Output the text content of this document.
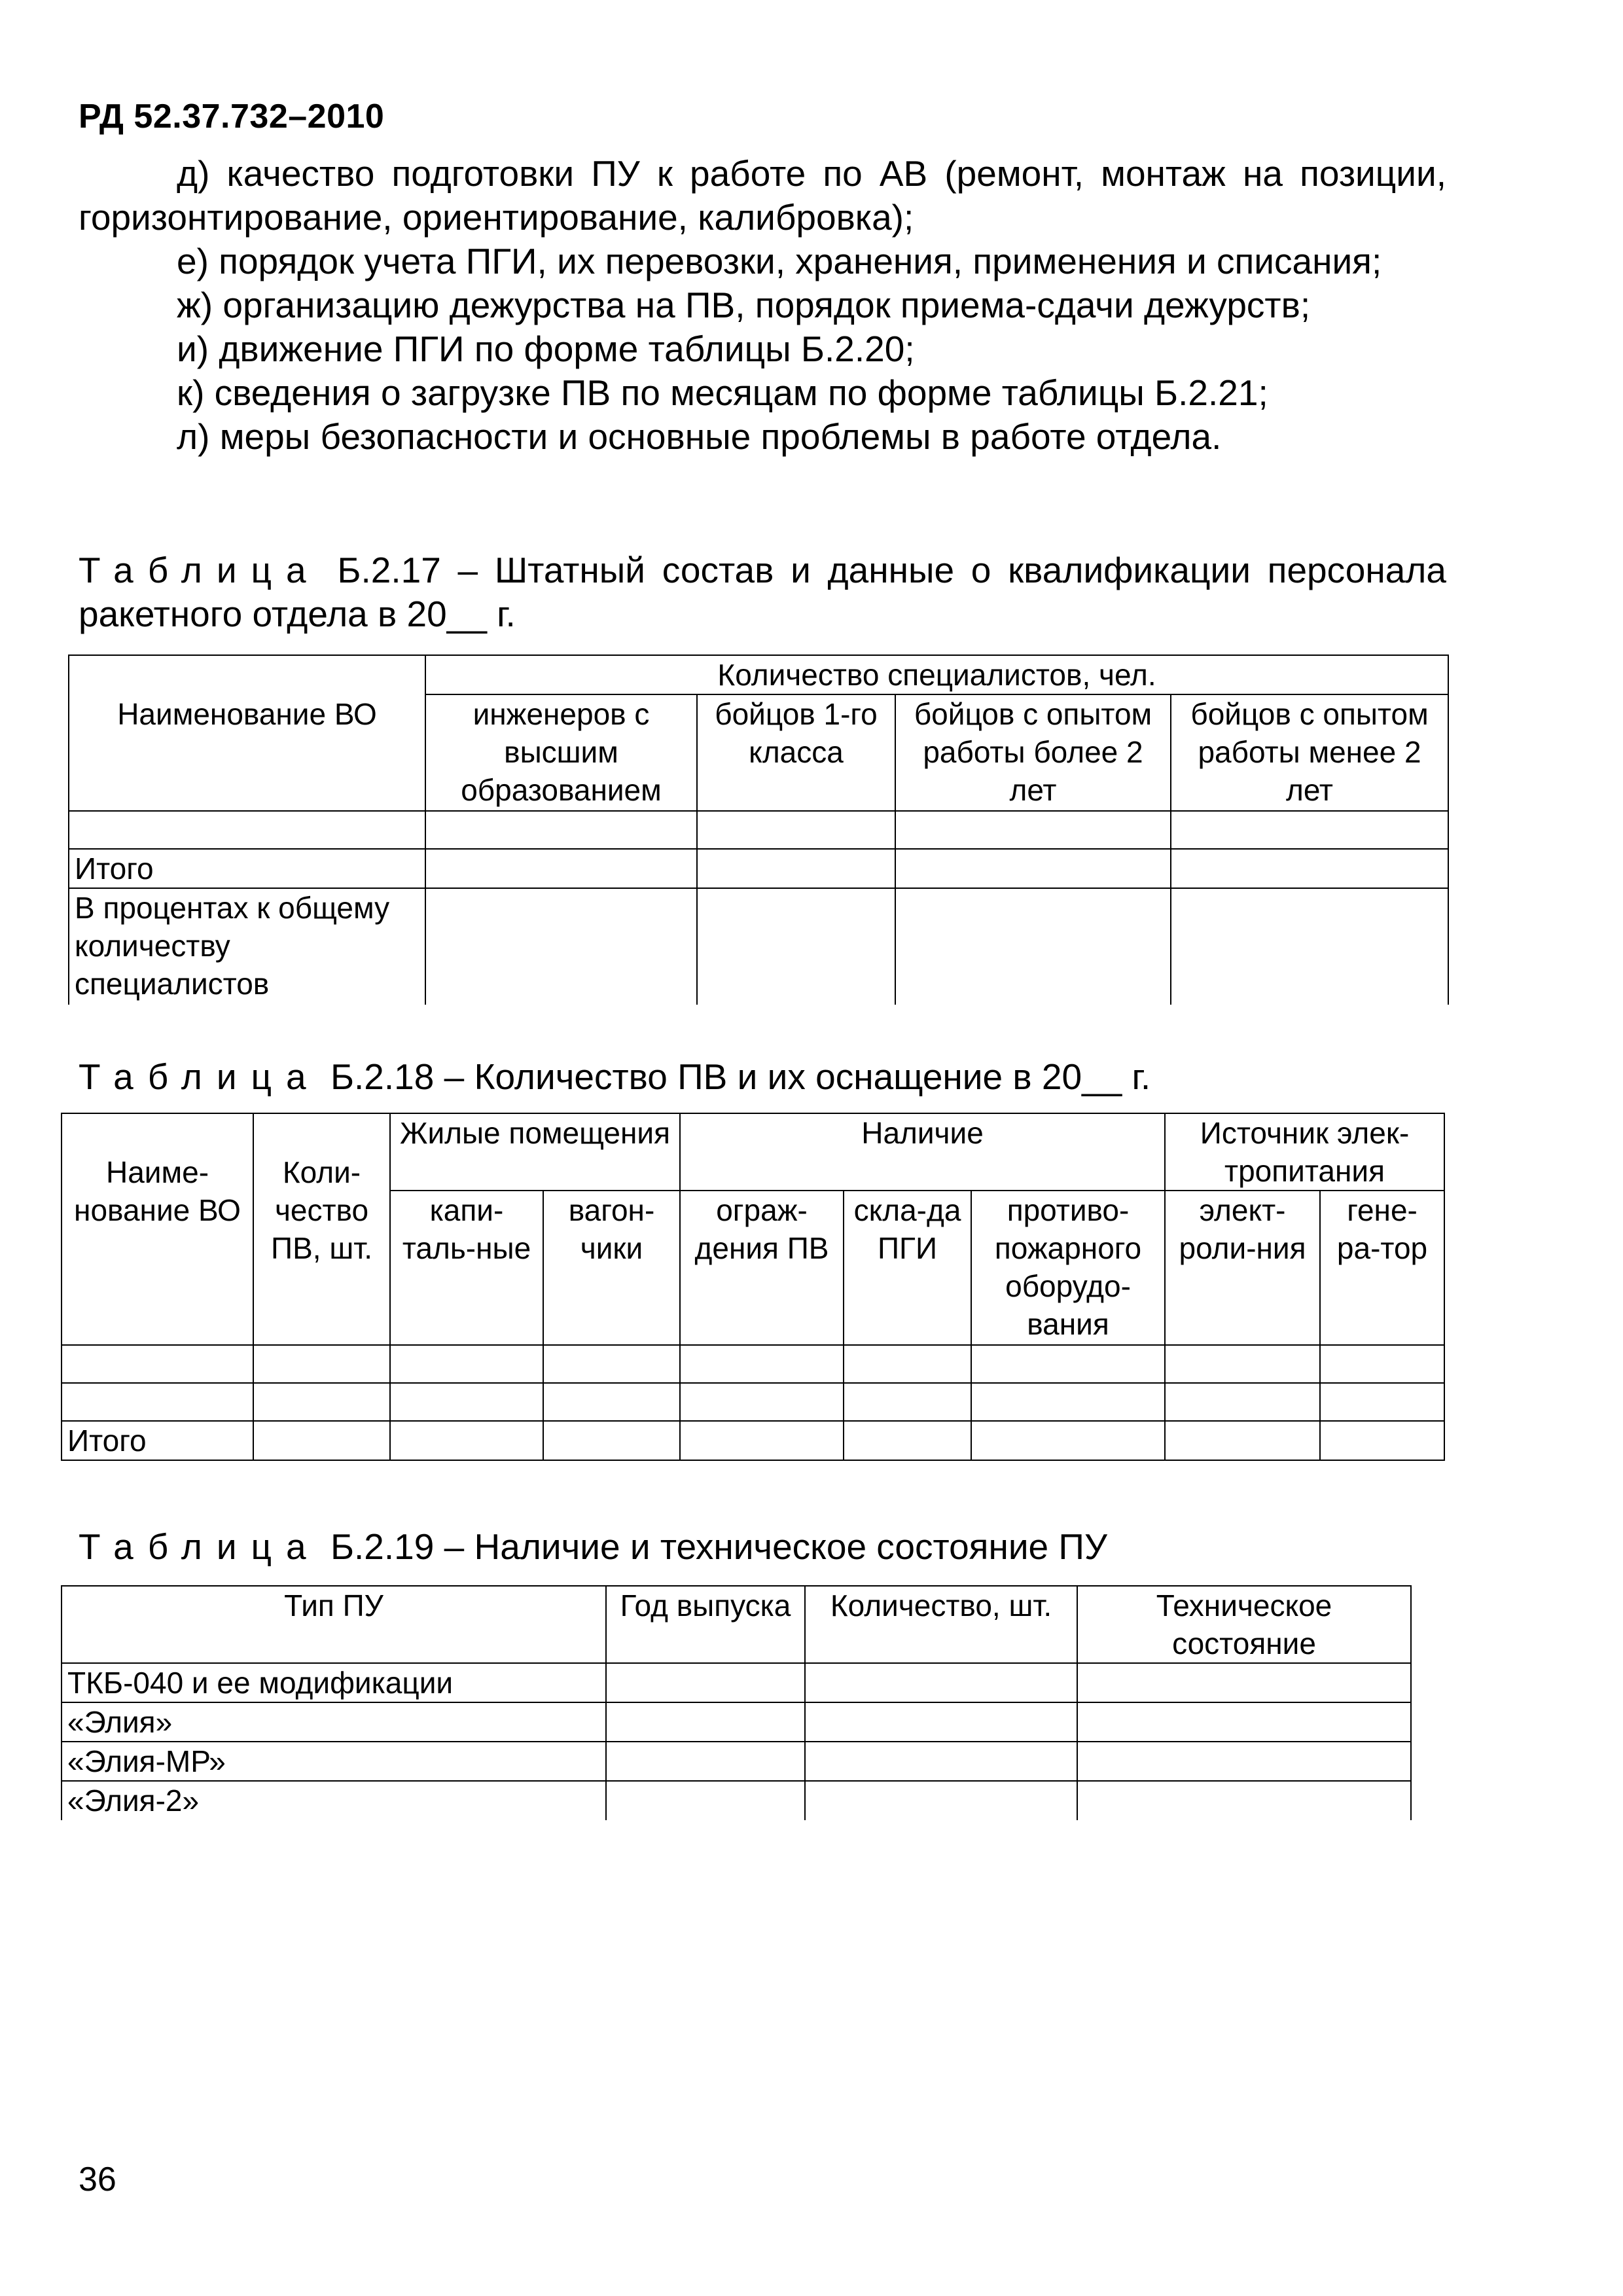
РД 52.37.732–2010

д) качество подготовки ПУ к работе по АВ (ремонт, монтаж на позиции, горизонтирование, ориентирование, калибровка);

е) порядок учета ПГИ, их перевозки, хранения, применения и списания;

ж) организацию дежурства на ПВ, порядок приема-сдачи дежурств;

и) движение ПГИ по форме таблицы Б.2.20;

к) сведения о загрузке ПВ по месяцам по форме таблицы Б.2.21;

л) меры безопасности и основные проблемы в работе отдела.

Таблица Б.2.17 – Штатный состав и данные о квалификации персонала ракетного отдела в 20__ г.
Наименование ВО	Количество специалистов, чел.			
	инженеров с высшим образованием	бойцов 1-го класса	бойцов с опытом работы более 2 лет	бойцов с опытом работы менее 2 лет

Итого				
В процентах к общему количеству специалистов				
Таблица Б.2.18 – Количество ПВ и их оснащение в 20__ г.
Наиме-нование ВО	Коли-чество ПВ, шт.	Жилые помещения		Наличие			Источник элек-тропитания	
		капи-таль-ные	вагон-чики	ограж-дения ПВ	скла-да ПГИ	противо-пожарного оборудо-вания	элект-роли-ния	гене-ра-тор

Итого								
Таблица Б.2.19 – Наличие и техническое состояние ПУ
Тип ПУ	Год выпуска	Количество, шт.	Техническое состояние
ТКБ-040 и ее модификации			
«Элия»			
«Элия-МР»			
«Элия-2»			
36
